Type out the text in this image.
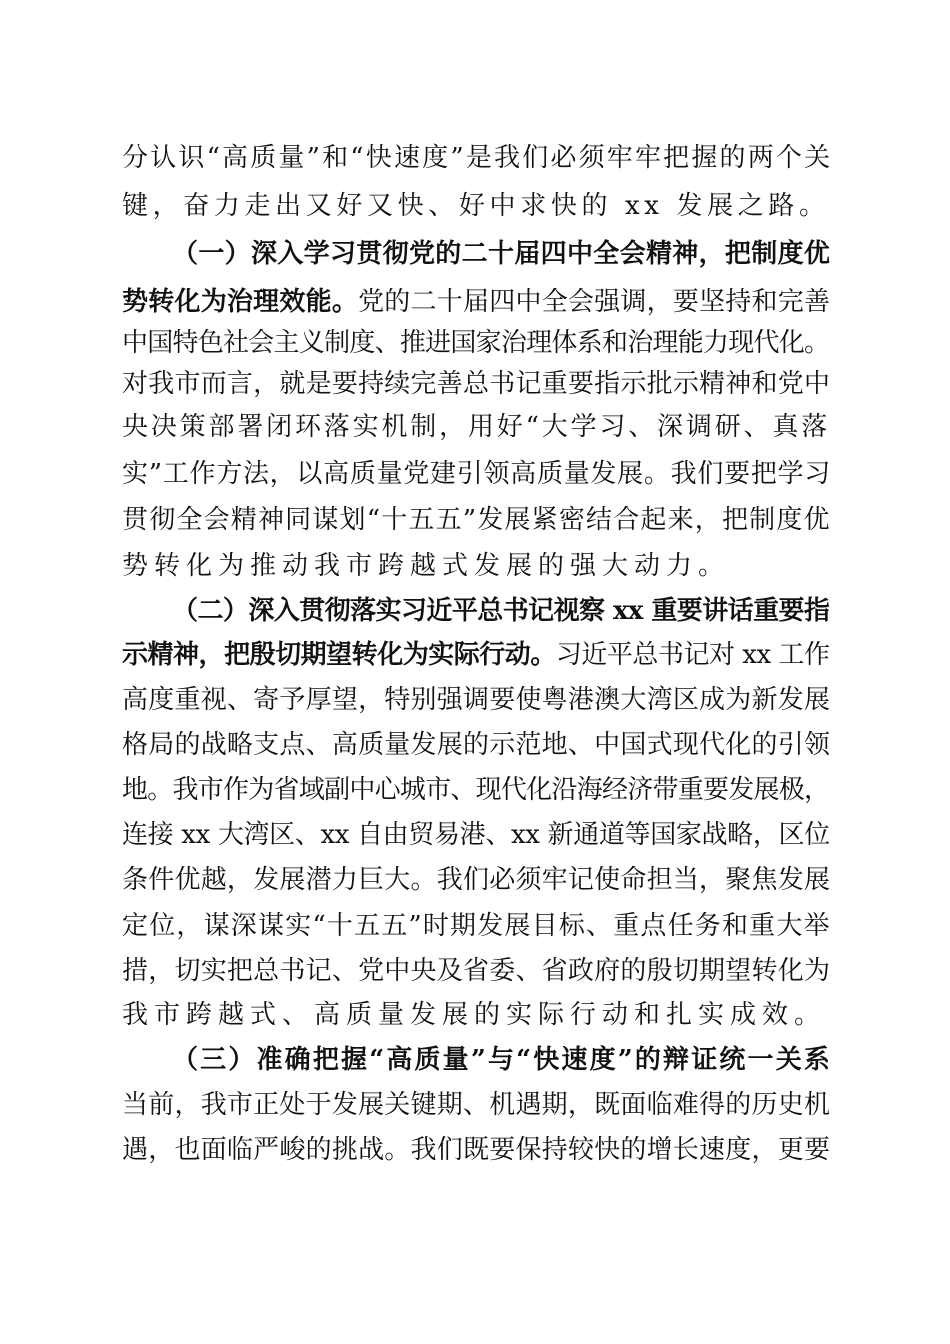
分认识“高质量”和“快速度”是我们必须牢牢把握的两个关
键，奋力走出又好又快、好中求快的 xx 发展之路。
（一）深入学习贯彻党的二十届四中全会精神，把制度优
势转化为治理效能。党的二十届四中全会强调，要坚持和完善
中国特色社会主义制度、推进国家治理体系和治理能力现代化。
对我市而言，就是要持续完善总书记重要指示批示精神和党中
央决策部署闭环落实机制，用好“大学习、深调研、真落
实”工作方法，以高质量党建引领高质量发展。我们要把学习
贯彻全会精神同谋划“十五五”发展紧密结合起来，把制度优
势转化为推动我市跨越式发展的强大动力。
（二）深入贯彻落实习近平总书记视察 xx 重要讲话重要指
示精神，把殷切期望转化为实际行动。习近平总书记对 xx 工作
高度重视、寄予厚望，特别强调要使粤港澳大湾区成为新发展
格局的战略支点、高质量发展的示范地、中国式现代化的引领
地。我市作为省域副中心城市、现代化沿海经济带重要发展极，
连接 xx 大湾区、xx 自由贸易港、xx 新通道等国家战略，区位
条件优越，发展潜力巨大。我们必须牢记使命担当，聚焦发展
定位，谋深谋实“十五五”时期发展目标、重点任务和重大举
措，切实把总书记、党中央及省委、省政府的殷切期望转化为
我市跨越式、高质量发展的实际行动和扎实成效。
（三）准确把握“高质量”与“快速度”的辩证统一关系
当前，我市正处于发展关键期、机遇期，既面临难得的历史机
遇，也面临严峻的挑战。我们既要保持较快的增长速度，更要
